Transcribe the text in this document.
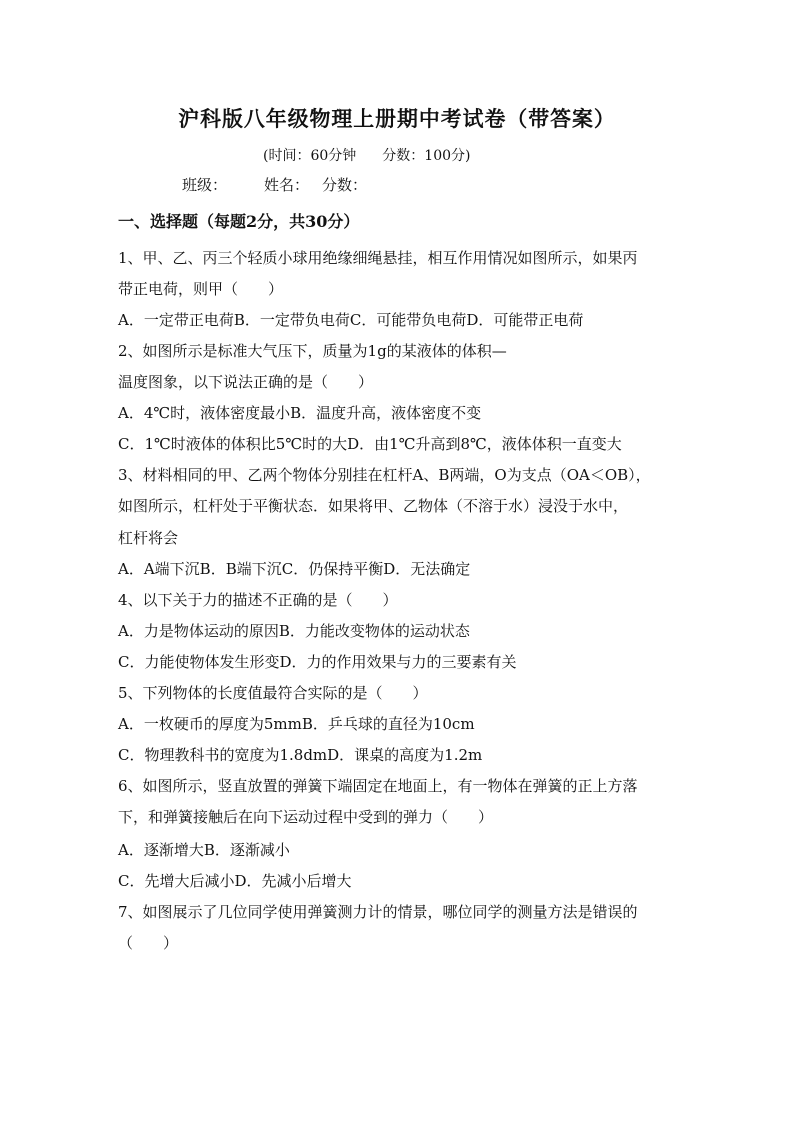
沪科版八年级物理上册期中考试卷（带答案）
(时间：60分钟 分数：100分)
班级： 姓名： 分数：
一、选择题（每题2分，共30分）
1、甲、乙、丙三个轻质小球用绝缘细绳悬挂，相互作用情况如图所示，如果丙
带正电荷，则甲（　　）
A．一定带正电荷B．一定带负电荷C．可能带负电荷D．可能带正电荷
2、如图所示是标准大气压下，质量为1g的某液体的体积—
温度图象，以下说法正确的是（　　）
A．4℃时，液体密度最小B．温度升高，液体密度不变
C．1℃时液体的体积比5℃时的大D．由1℃升高到8℃，液体体积一直变大
3、材料相同的甲、乙两个物体分别挂在杠杆A、B两端，O为支点（OA＜OB），
如图所示，杠杆处于平衡状态．如果将甲、乙物体（不溶于水）浸没于水中，
杠杆将会
A．A端下沉B．B端下沉C．仍保持平衡D．无法确定
4、以下关于力的描述不正确的是（　　）
A．力是物体运动的原因B．力能改变物体的运动状态
C．力能使物体发生形变D．力的作用效果与力的三要素有关
5、下列物体的长度值最符合实际的是（　　）
A．一枚硬币的厚度为5mmB．乒乓球的直径为10cm
C．物理教科书的宽度为1.8dmD．课桌的高度为1.2m
6、如图所示，竖直放置的弹簧下端固定在地面上，有一物体在弹簧的正上方落
下，和弹簧接触后在向下运动过程中受到的弹力（　　）
A．逐渐增大B．逐渐减小
C．先增大后减小D．先减小后增大
7、如图展示了几位同学使用弹簧测力计的情景，哪位同学的测量方法是错误的
（　　）
